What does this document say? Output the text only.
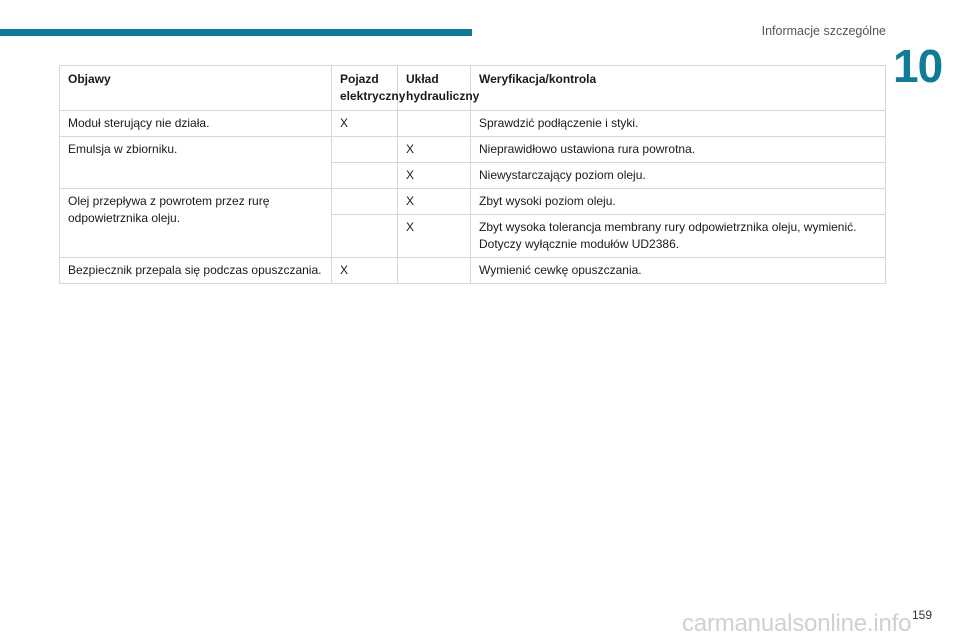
Informacje szczególne
10
Objawy	Pojazd elektryczny	Układ hydrauliczny	Weryfikacja/kontrola
Moduł sterujący nie działa.	X		Sprawdzić podłączenie i styki.
Emulsja w zbiorniku.		X	Nieprawidłowo ustawiona rura powrotna.
		X	Niewystarczający poziom oleju.
Olej przepływa z powrotem przez rurę odpowietrznika oleju.		X	Zbyt wysoki poziom oleju.
		X	Zbyt wysoka tolerancja membrany rury odpowietrznika oleju, wymienić.
Dotyczy wyłącznie modułów UD2386.

Bezpiecznik przepala się podczas opuszczania.	X		Wymienić cewkę opuszczania.
159
carmanualsonline.info
